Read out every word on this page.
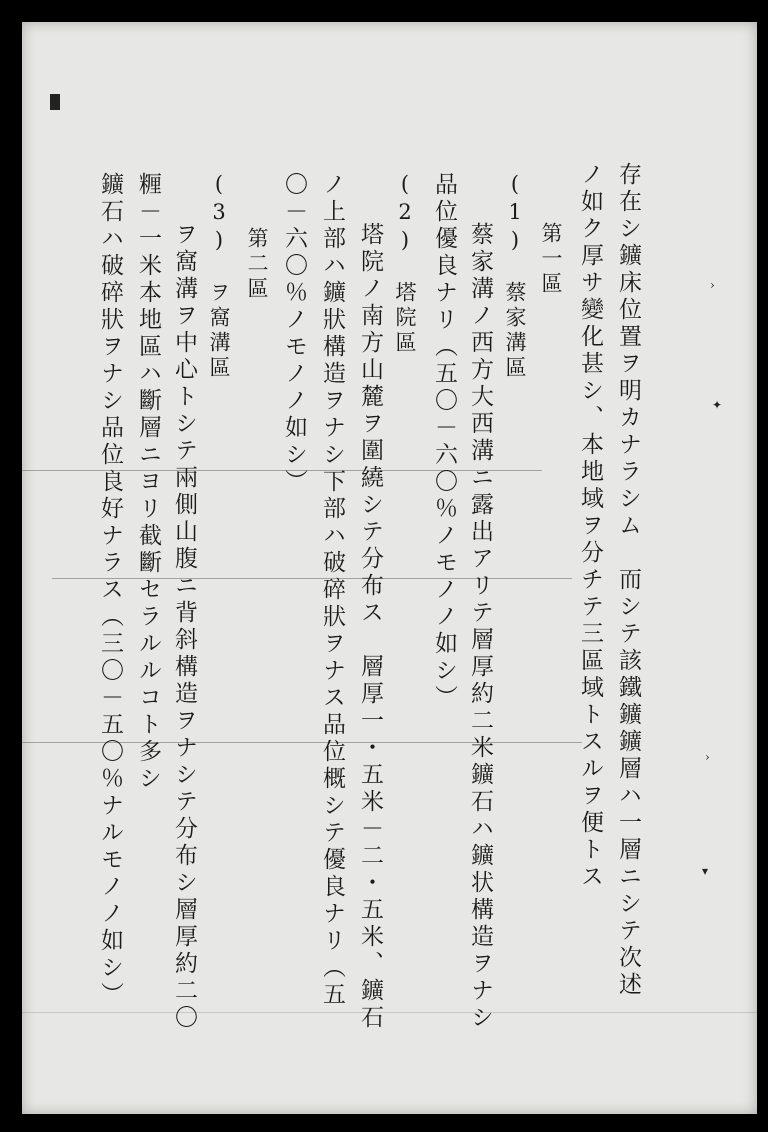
存在シ鑛床位置ヲ明カナラシム　而シテ該鐵鑛鑛層ハ一層ニシテ次述
ノ如ク厚サ變化甚シ、本地域ヲ分チテ三區域トスルヲ便トス
第一區
(1)　蔡家溝區
蔡家溝ノ西方大西溝ニ露出アリテ層厚約二米鑛石ハ鑛状構造ヲナシ
品位優良ナリ（五〇－六〇％ノモノノ如シ）
(2)　塔院區
塔院ノ南方山麓ヲ圍繞シテ分布ス　層厚一・五米－二・五米、鑛石
ノ上部ハ鑛狀構造ヲナシ下部ハ破碎狀ヲナス品位概シテ優良ナリ（五
〇－六〇％ノモノノ如シ）
第二區
(3)　ヲ窩溝區
ヲ窩溝ヲ中心トシテ兩側山腹ニ背斜構造ヲナシテ分布シ層厚約二〇
糎－一米本地區ハ斷層ニヨリ截斷セラルルコト多シ
鑛石ハ破碎狀ヲナシ品位良好ナラス（三〇－五〇％ナルモノノ如シ）	›
✦
›
▾
